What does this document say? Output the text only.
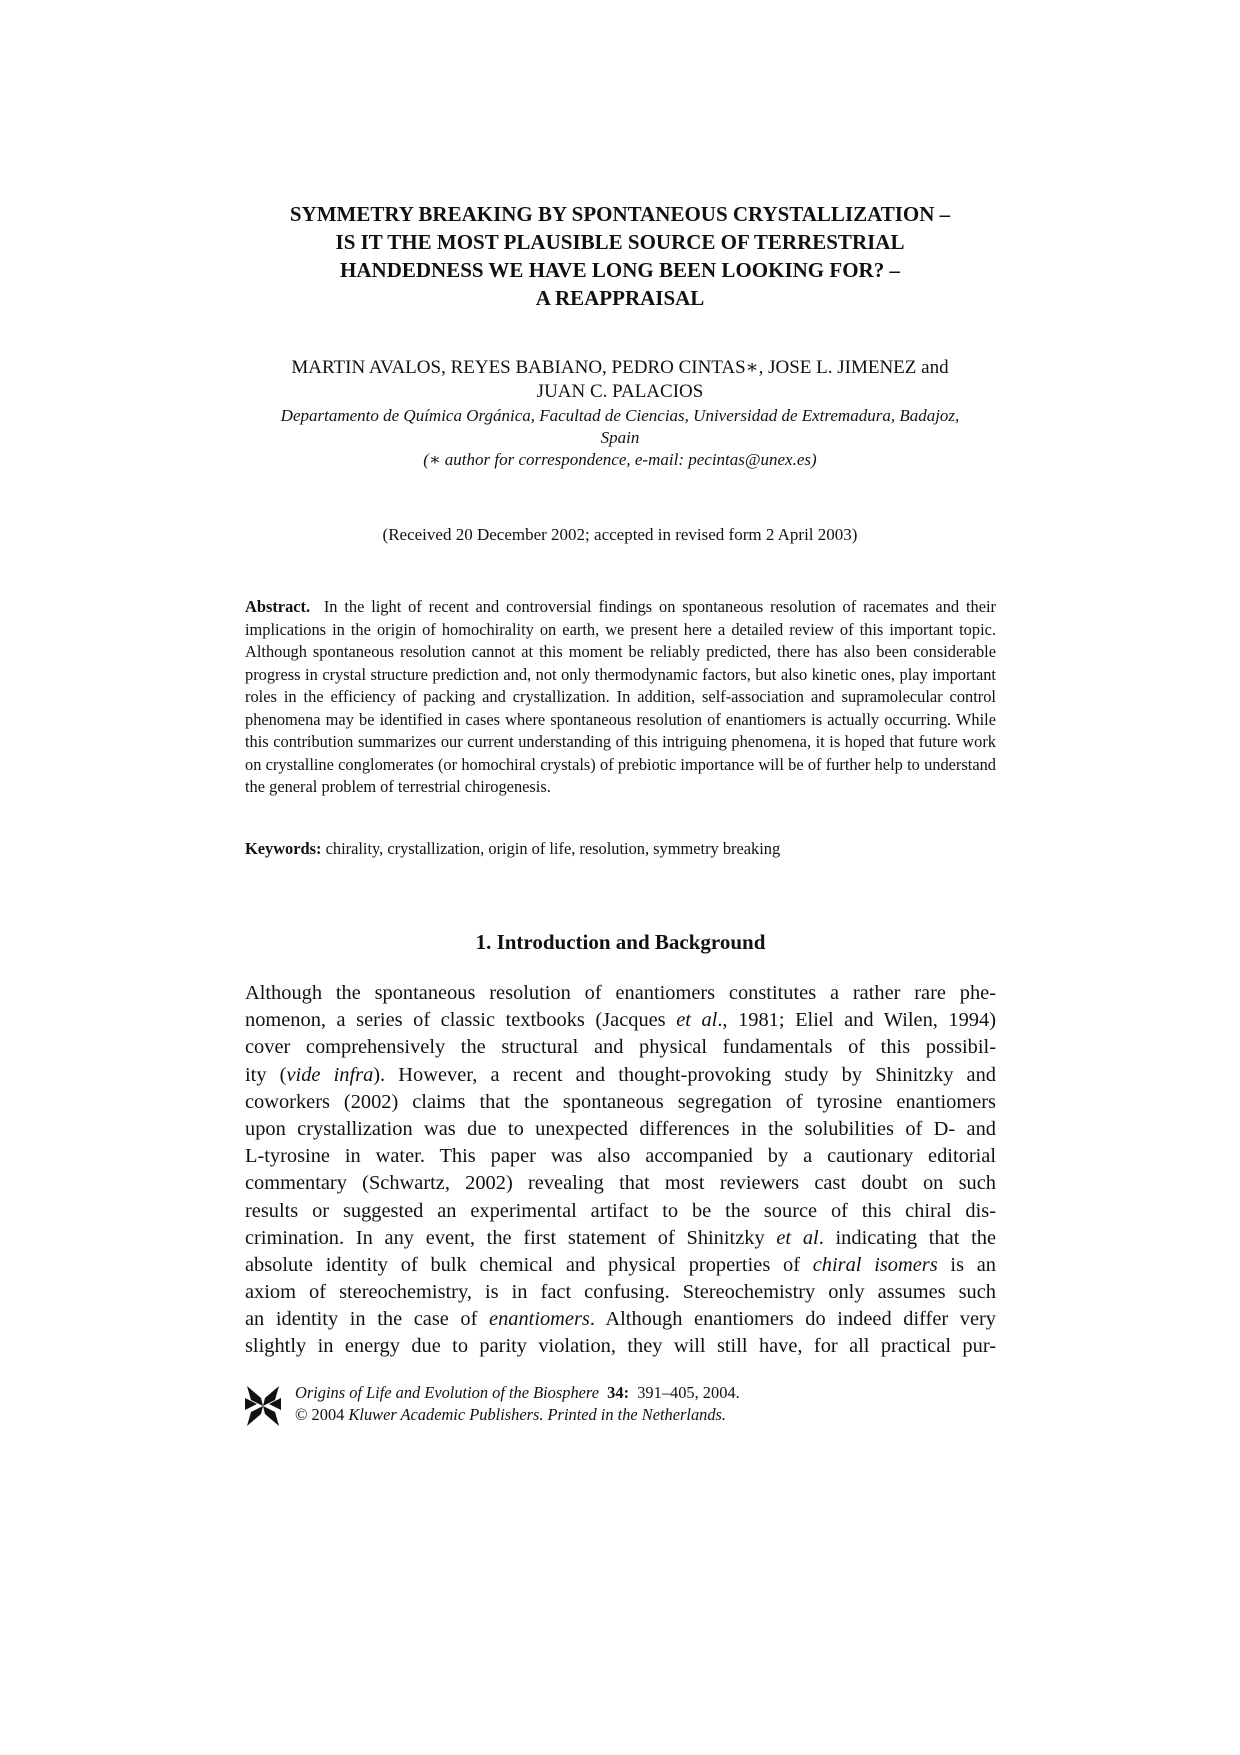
SYMMETRY BREAKING BY SPONTANEOUS CRYSTALLIZATION –
IS IT THE MOST PLAUSIBLE SOURCE OF TERRESTRIAL
HANDEDNESS WE HAVE LONG BEEN LOOKING FOR? –
A REAPPRAISAL
MARTIN AVALOS, REYES BABIANO, PEDRO CINTAS∗, JOSE L. JIMENEZ and
JUAN C. PALACIOS
Departamento de Química Orgánica, Facultad de Ciencias, Universidad de Extremadura, Badajoz,
Spain
(∗ author for correspondence, e-mail: pecintas@unex.es)
(Received 20 December 2002; accepted in revised form 2 April 2003)
Abstract. In the light of recent and controversial findings on spontaneous resolution of racemates and their implications in the origin of homochirality on earth, we present here a detailed review of this important topic. Although spontaneous resolution cannot at this moment be reliably predicted, there has also been considerable progress in crystal structure prediction and, not only thermodynamic factors, but also kinetic ones, play important roles in the efficiency of packing and crystallization. In addition, self-association and supramolecular control phenomena may be identified in cases where spontaneous resolution of enantiomers is actually occurring. While this contribution summarizes our current understanding of this intriguing phenomena, it is hoped that future work on crystalline conglomerates (or homochiral crystals) of prebiotic importance will be of further help to understand the general problem of terrestrial chirogenesis.
Keywords: chirality, crystallization, origin of life, resolution, symmetry breaking
1. Introduction and Background
Although the spontaneous resolution of enantiomers constitutes a rather rare phe-
nomenon, a series of classic textbooks (Jacques et al., 1981; Eliel and Wilen, 1994)
cover comprehensively the structural and physical fundamentals of this possibil-
ity (vide infra). However, a recent and thought-provoking study by Shinitzky and
coworkers (2002) claims that the spontaneous segregation of tyrosine enantiomers
upon crystallization was due to unexpected differences in the solubilities of D- and
L-tyrosine in water. This paper was also accompanied by a cautionary editorial
commentary (Schwartz, 2002) revealing that most reviewers cast doubt on such
results or suggested an experimental artifact to be the source of this chiral dis-
crimination. In any event, the first statement of Shinitzky et al. indicating that the
absolute identity of bulk chemical and physical properties of chiral isomers is an
axiom of stereochemistry, is in fact confusing. Stereochemistry only assumes such
an identity in the case of enantiomers. Although enantiomers do indeed differ very
slightly in energy due to parity violation, they will still have, for all practical pur-
Origins of Life and Evolution of the Biosphere 34: 391–405, 2004.
© 2004 Kluwer Academic Publishers. Printed in the Netherlands.
